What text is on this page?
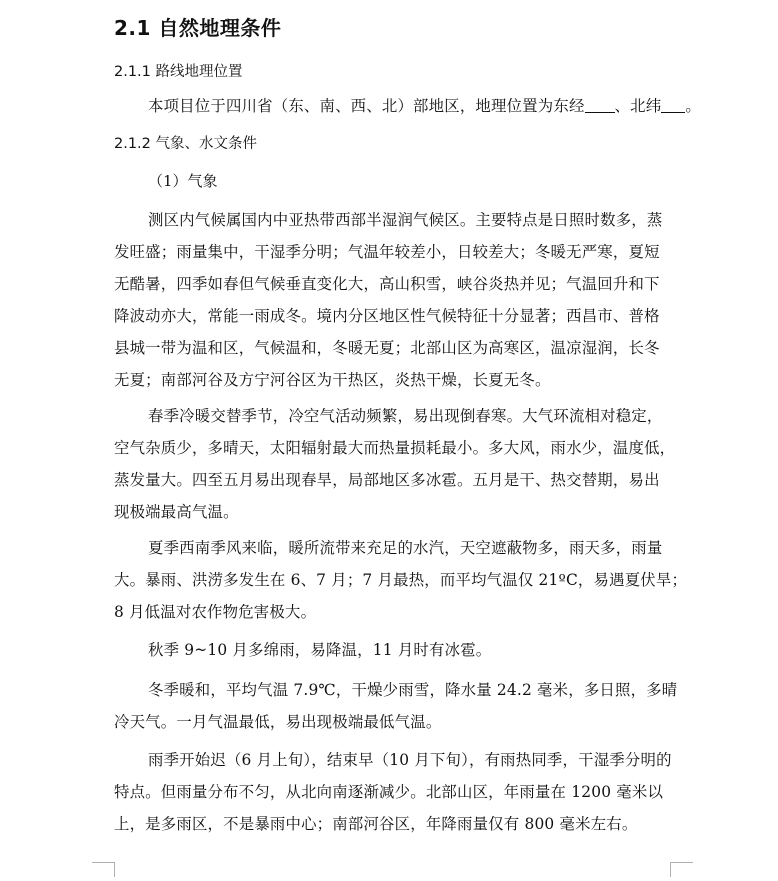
2.1 自然地理条件
2.1.1 路线地理位置
本项目位于四川省（东、南、西、北）部地区，地理位置为东经 、北纬 。
2.1.2 气象、水文条件
（1）气象
测区内气候属国内中亚热带西部半湿润气候区。主要特点是日照时数多，蒸
发旺盛；雨量集中，干湿季分明；气温年较差小，日较差大；冬暖无严寒，夏短
无酷暑，四季如春但气候垂直变化大，高山积雪，峡谷炎热并见；气温回升和下
降波动亦大，常能一雨成冬。境内分区地区性气候特征十分显著；西昌市、普格
县城一带为温和区，气候温和，冬暖无夏；北部山区为高寒区，温凉湿润，长冬
无夏；南部河谷及方宁河谷区为干热区，炎热干燥，长夏无冬。
春季冷暖交替季节，冷空气活动频繁，易出现倒春寒。大气环流相对稳定，
空气杂质少，多晴天，太阳辐射最大而热量损耗最小。多大风，雨水少，温度低，
蒸发量大。四至五月易出现春旱，局部地区多冰雹。五月是干、热交替期，易出
现极端最高气温。
夏季西南季风来临，暖所流带来充足的水汽，天空遮蔽物多，雨天多，雨量
大。暴雨、洪涝多发生在 6、7 月；7 月最热，而平均气温仅 21ºC，易遇夏伏旱；
8 月低温对农作物危害极大。
秋季 9~10 月多绵雨，易降温，11 月时有冰雹。
冬季暖和，平均气温 7.9℃，干燥少雨雪，降水量 24.2 毫米，多日照，多晴
冷天气。一月气温最低，易出现极端最低气温。
雨季开始迟（6 月上旬），结束早（10 月下旬），有雨热同季，干湿季分明的
特点。但雨量分布不匀，从北向南逐渐减少。北部山区，年雨量在 1200 毫米以
上，是多雨区，不是暴雨中心；南部河谷区，年降雨量仅有 800 毫米左右。
